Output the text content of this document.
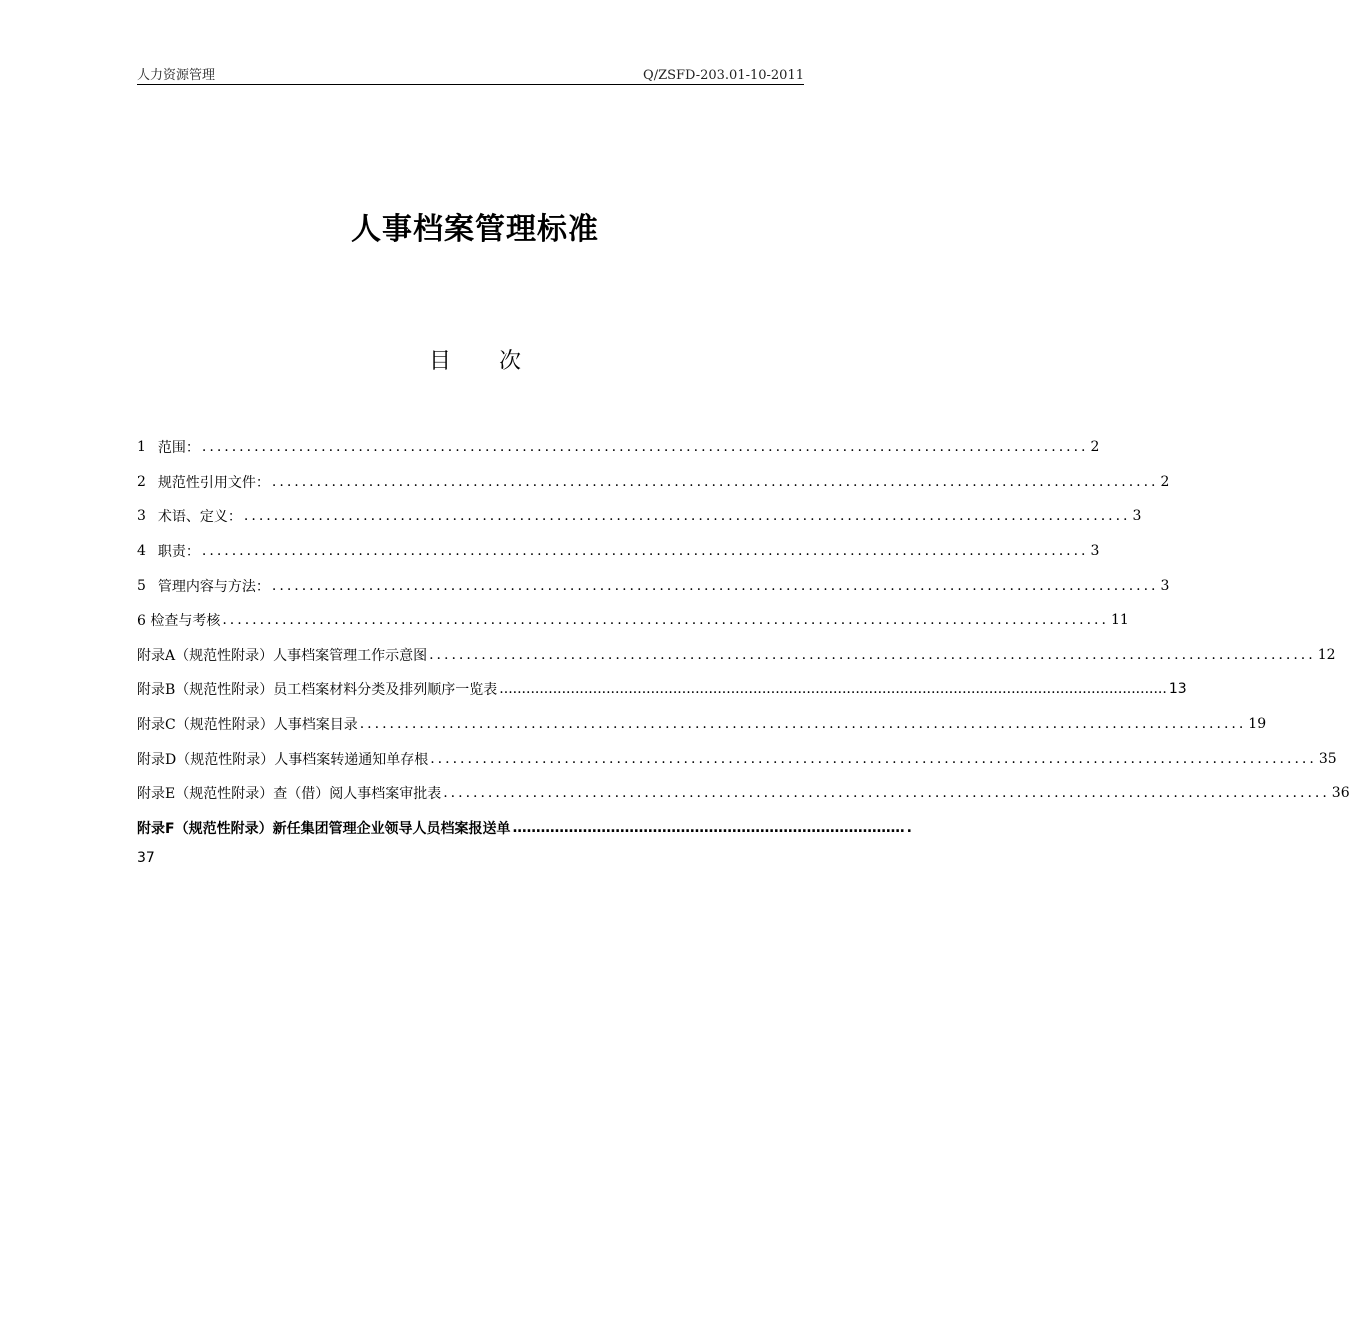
人力资源管理	Q/ZSFD-203.01-10-2011
人事档案管理标准
目 次
1 范围： ....................................................................................................................... 2
2 规范性引用文件： ....................................................................................................................... 2
3 术语、定义： ....................................................................................................................... 3
4 职责： ....................................................................................................................... 3
5 管理内容与方法： ....................................................................................................................... 3
6 检查与考核 ....................................................................................................................... 11
附录A（规范性附录）人事档案管理工作示意图 ....................................................................................................................... 12
附录B（规范性附录）员工档案材料分类及排列顺序一览表 ...................................................................................................................................................... 13
附录C（规范性附录）人事档案目录 ....................................................................................................................... 19
附录D（规范性附录）人事档案转递通知单存根 ....................................................................................................................... 35
附录E（规范性附录）查（借）阅人事档案审批表 ....................................................................................................................... 36
附录F（规范性附录）新任集团管理企业领导人员档案报送单 ………………………………………………………………………… .
37
